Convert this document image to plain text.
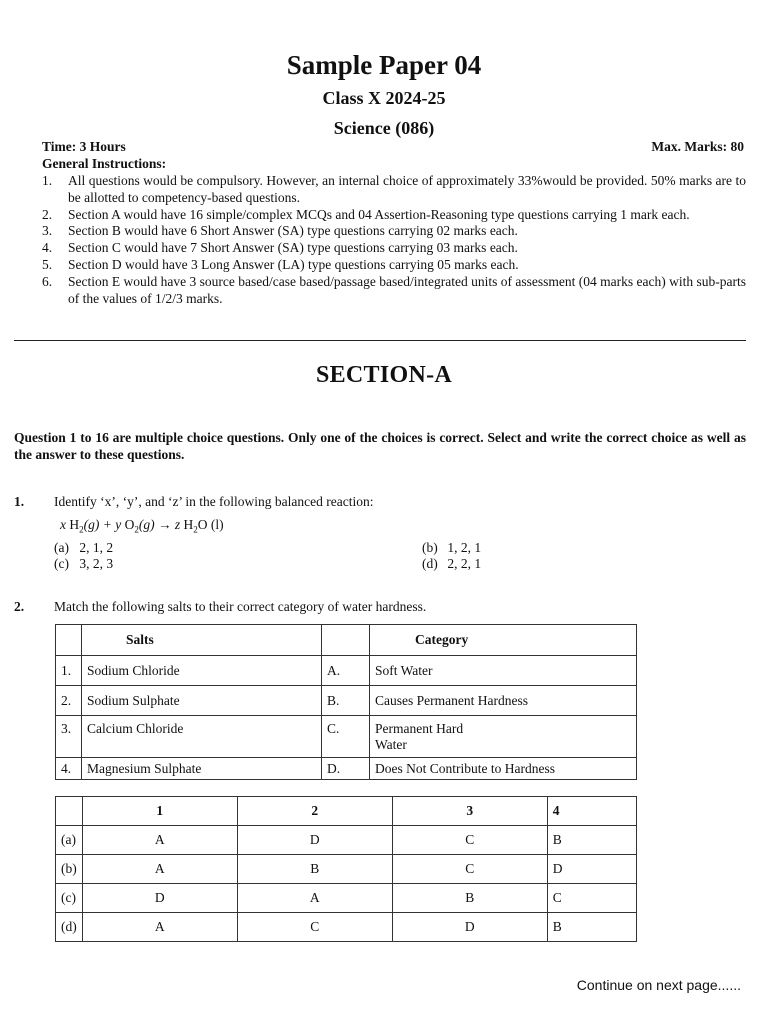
Sample Paper 04
Class X 2024-25
Science (086)
Time: 3 Hours	Max. Marks: 80
General Instructions:
1.	All questions would be compulsory. However, an internal choice of approximately 33%would be provided. 50% marks are to be allotted to competency-based questions.
2.	Section A would have 16 simple/complex MCQs and 04 Assertion-Reasoning type questions carrying 1 mark each.
3.	Section B would have 6 Short Answer (SA) type questions carrying 02 marks each.
4.	Section C would have 7 Short Answer (SA) type questions carrying 03 marks each.
5.	Section D would have 3 Long Answer (LA) type questions carrying 05 marks each.
6.	Section E would have 3 source based/case based/passage based/integrated units of assessment (04 marks each) with sub-parts of the values of 1/2/3 marks.
SECTION-A
Question 1 to 16 are multiple choice questions. Only one of the choices is correct. Select and write the correct choice as well as the answer to these questions.
1. Identify ‘x’, ‘y’, and ‘z’ in the following balanced reaction:
x $H_2(g) + y$ $O_2(g) \to z$ $H_2O$ (l)
(a) 2, 1, 2	(b) 1, 2, 1
(c) 3, 2, 3	(d) 2, 2, 1
2. Match the following salts to their correct category of water hardness.
	Salts		Category
1.	Sodium Chloride	A.	Soft Water
2.	Sodium Sulphate	B.	Causes Permanent Hardness
3.	Calcium Chloride	C.	Permanent Hard Water
4.	Magnesium Sulphate	D.	Does Not Contribute to Hardness
	1	2	3	4
(a)	A	D	C	B
(b)	A	B	C	D
(c)	D	A	B	C
(d)	A	C	D	B
Continue on next page......
